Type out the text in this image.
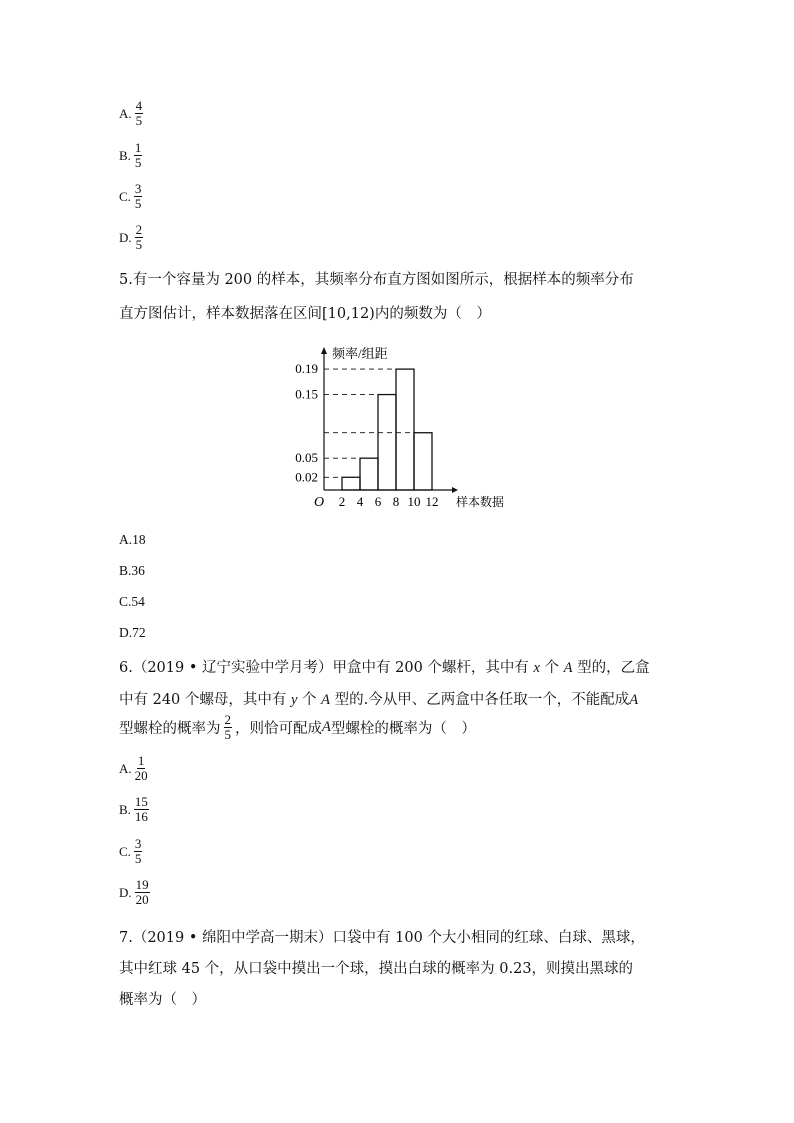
A. $\frac{4}{5}$
B. $\frac{1}{5}$
C. $\frac{3}{5}$
D. $\frac{2}{5}$
5.有一个容量为 200 的样本，其频率分布直方图如图所示，根据样本的频率分布
直方图估计，样本数据落在区间[10,12)内的频数为（　）
频率/组距
样本数据
O
0.02
0.05
0.15
0.19
2 4 6 8 10 12
A.18
B.36
C.54
D.72
6.（2019 • 辽宁实验中学月考）甲盒中有 200 个螺杆，其中有 x 个 A 型的，乙盒
中有 240 个螺母，其中有 y 个 A 型的.今从甲、乙两盒中各任取一个，不能配成A
型螺栓的概率为 $\frac{2}{5}$ ，则恰可配成 A 型螺栓的概率为（　）
A. $\frac{1}{20}$
B. $\frac{15}{16}$
C. $\frac{3}{5}$
D. $\frac{19}{20}$
7.（2019 • 绵阳中学高一期末）口袋中有 100 个大小相同的红球、白球、黑球，
其中红球 45 个，从口袋中摸出一个球，摸出白球的概率为 0.23，则摸出黑球的
概率为（　）
